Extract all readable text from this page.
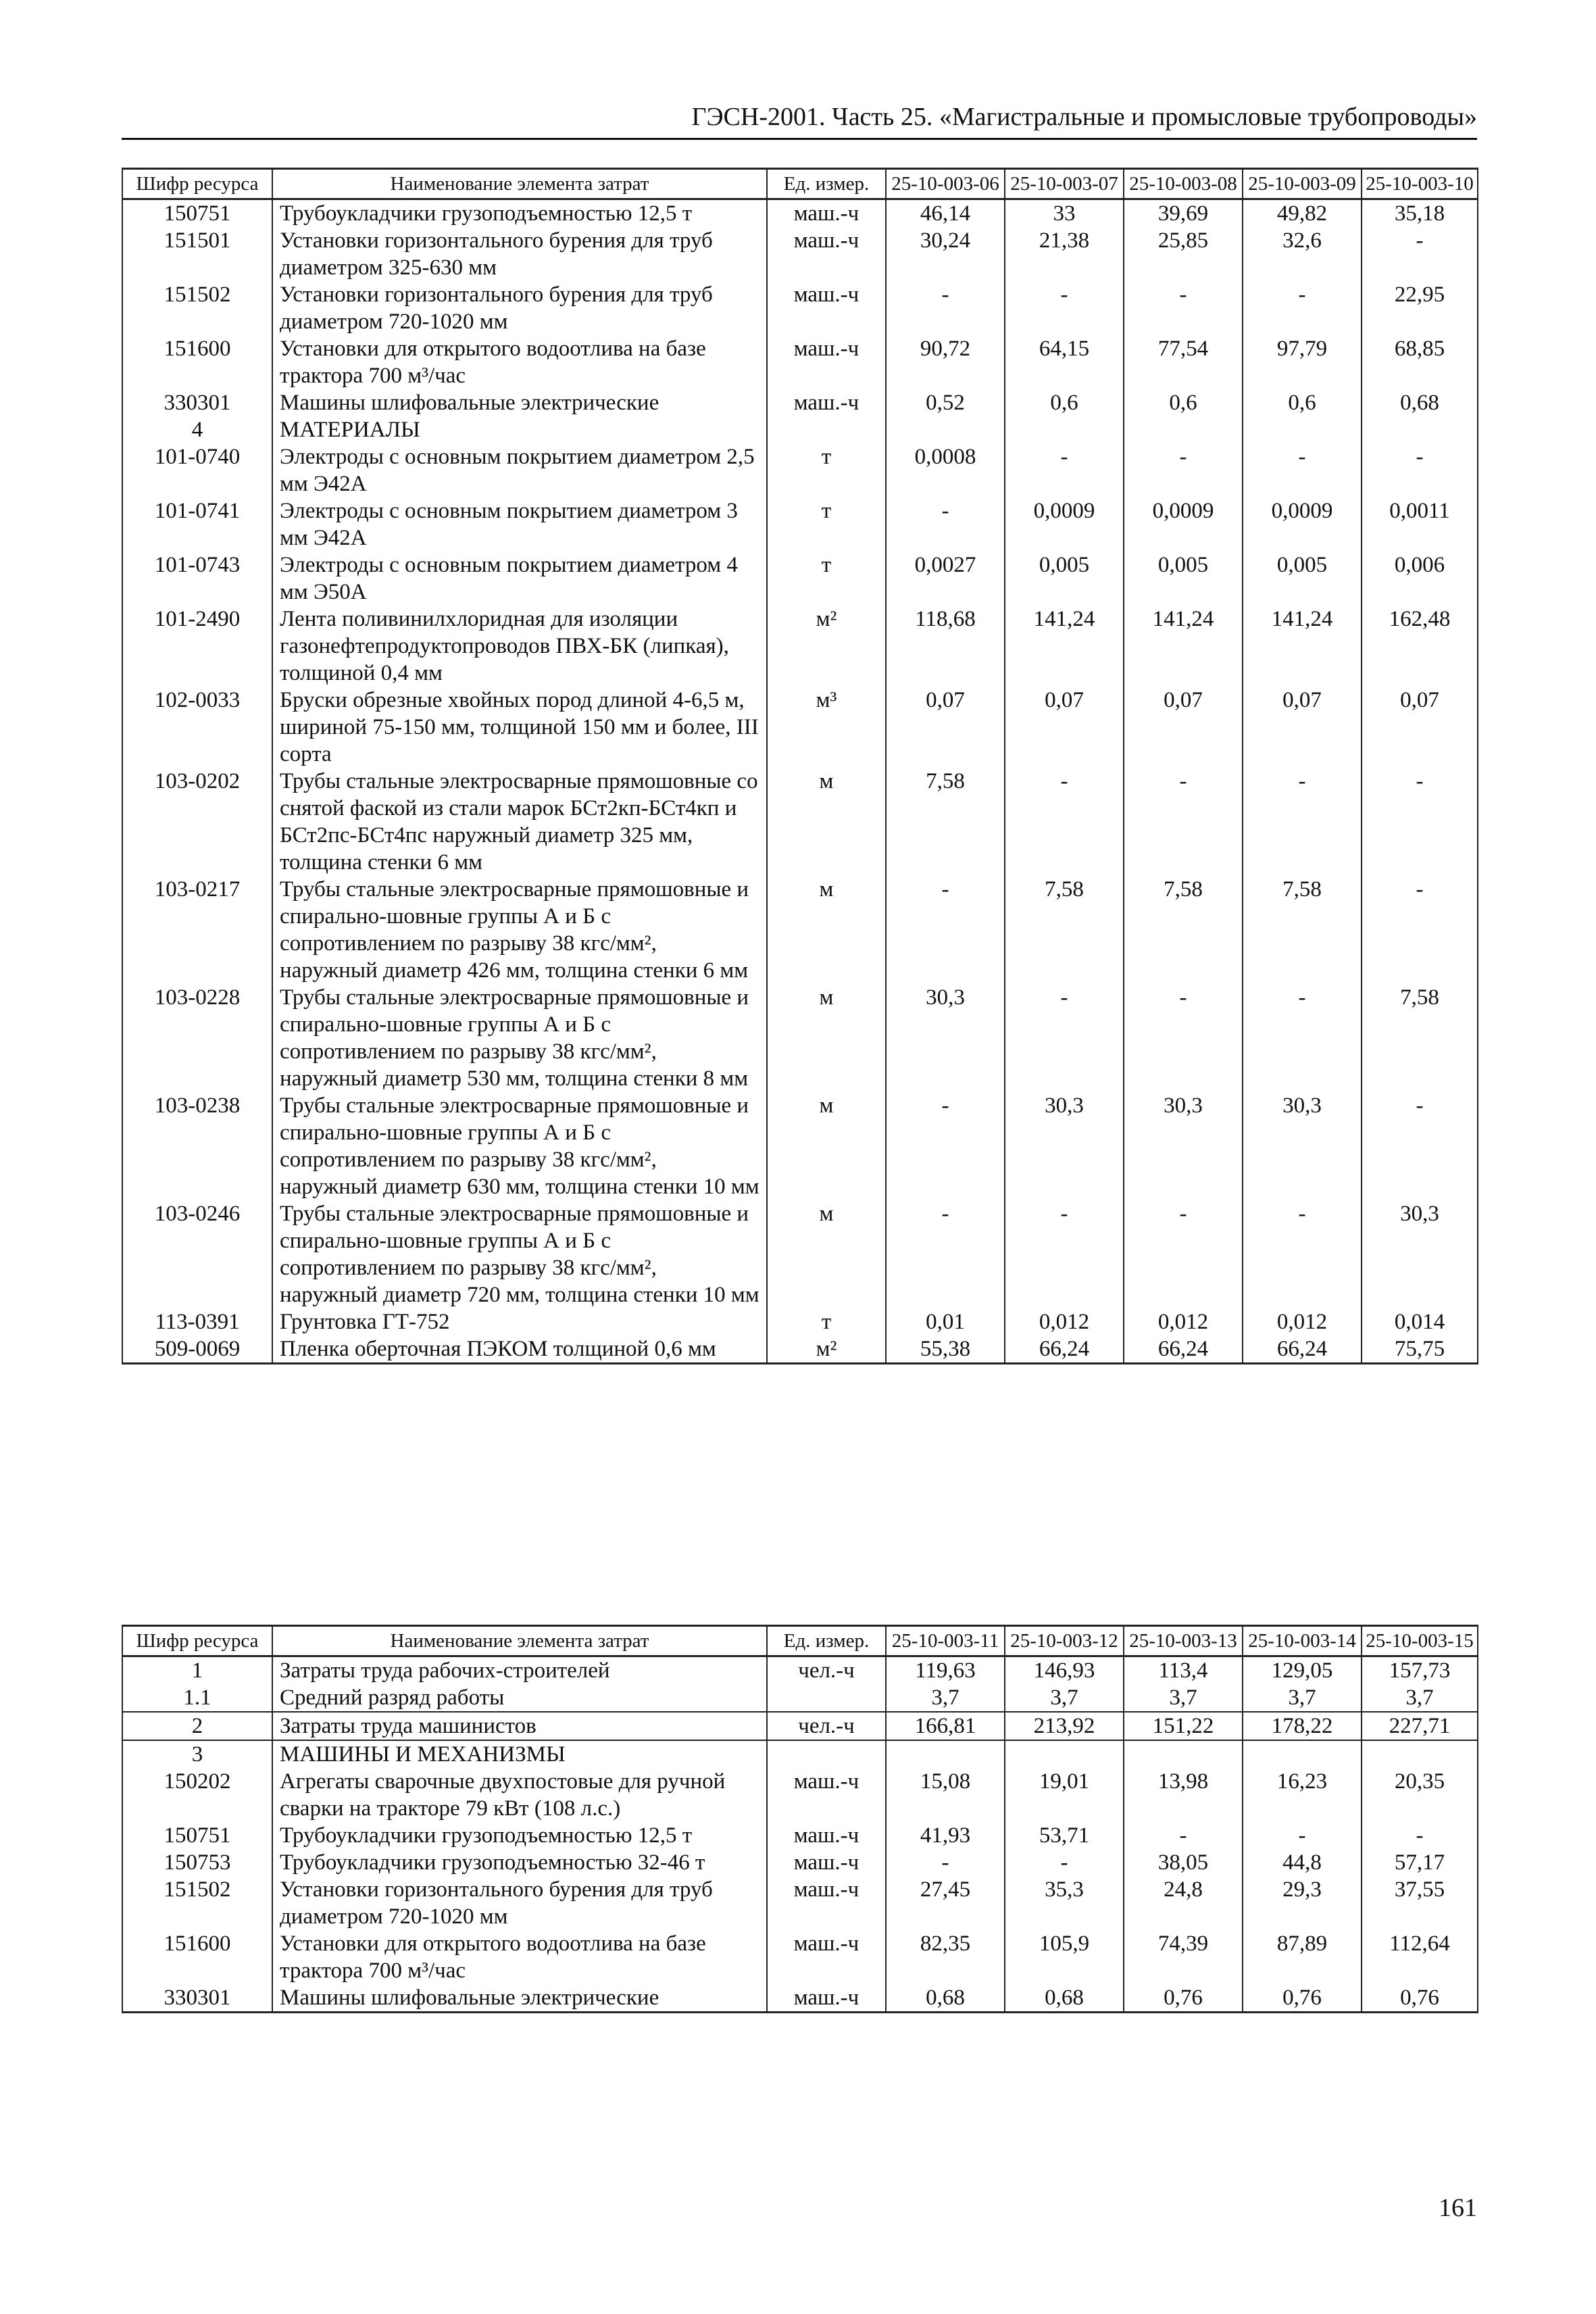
ГЭСН-2001. Часть 25. «Магистральные и промысловые трубопроводы»
Шифр ресурса	Наименование элемента затрат	Ед. измер.	25-10-003-06	25-10-003-07	25-10-003-08	25-10-003-09	25-10-003-10
150751	Трубоукладчики грузоподъемностью 12,5 т	маш.-ч	46,14	33	39,69	49,82	35,18
151501	Установки горизонтального бурения для труб диаметром 325-630 мм	маш.-ч	30,24	21,38	25,85	32,6	-
151502	Установки горизонтального бурения для труб диаметром 720-1020 мм	маш.-ч	-	-	-	-	22,95
151600	Установки для открытого водоотлива на базе трактора 700 м³/час	маш.-ч	90,72	64,15	77,54	97,79	68,85
330301	Машины шлифовальные электрические	маш.-ч	0,52	0,6	0,6	0,6	0,68
4	МАТЕРИАЛЫ						
101-0740	Электроды с основным покрытием диаметром 2,5 мм Э42А	т	0,0008	-	-	-	-
101-0741	Электроды с основным покрытием диаметром 3 мм Э42А	т	-	0,0009	0,0009	0,0009	0,0011
101-0743	Электроды с основным покрытием диаметром 4 мм Э50А	т	0,0027	0,005	0,005	0,005	0,006
101-2490	Лента поливинилхлоридная для изоляции газонефтепродуктопроводов ПВХ-БК (липкая), толщиной 0,4 мм	м²	118,68	141,24	141,24	141,24	162,48
102-0033	Бруски обрезные хвойных пород длиной 4-6,5 м, шириной 75-150 мм, толщиной 150 мм и более, III сорта	м³	0,07	0,07	0,07	0,07	0,07
103-0202	Трубы стальные электросварные прямошовные со снятой фаской из стали марок БСт2кп-БСт4кп и БСт2пс-БСт4пс наружный диаметр 325 мм, толщина стенки 6 мм	м	7,58	-	-	-	-
103-0217	Трубы стальные электросварные прямошовные и спирально-шовные группы А и Б с сопротивлением по разрыву 38 кгс/мм², наружный диаметр 426 мм, толщина стенки 6 мм	м	-	7,58	7,58	7,58	-
103-0228	Трубы стальные электросварные прямошовные и спирально-шовные группы А и Б с сопротивлением по разрыву 38 кгс/мм², наружный диаметр 530 мм, толщина стенки 8 мм	м	30,3	-	-	-	7,58
103-0238	Трубы стальные электросварные прямошовные и спирально-шовные группы А и Б с сопротивлением по разрыву 38 кгс/мм², наружный диаметр 630 мм, толщина стенки 10 мм	м	-	30,3	30,3	30,3	-
103-0246	Трубы стальные электросварные прямошовные и спирально-шовные группы А и Б с сопротивлением по разрыву 38 кгс/мм², наружный диаметр 720 мм, толщина стенки 10 мм	м	-	-	-	-	30,3
113-0391	Грунтовка ГТ-752	т	0,01	0,012	0,012	0,012	0,014
509-0069	Пленка оберточная ПЭКОМ толщиной 0,6 мм	м²	55,38	66,24	66,24	66,24	75,75
Шифр ресурса	Наименование элемента затрат	Ед. измер.	25-10-003-11	25-10-003-12	25-10-003-13	25-10-003-14	25-10-003-15
1	Затраты труда рабочих-строителей	чел.-ч	119,63	146,93	113,4	129,05	157,73
1.1	Средний разряд работы		3,7	3,7	3,7	3,7	3,7
2	Затраты труда машинистов	чел.-ч	166,81	213,92	151,22	178,22	227,71
3	МАШИНЫ И МЕХАНИЗМЫ						
150202	Агрегаты сварочные двухпостовые для ручной сварки на тракторе 79 кВт (108 л.с.)	маш.-ч	15,08	19,01	13,98	16,23	20,35
150751	Трубоукладчики грузоподъемностью 12,5 т	маш.-ч	41,93	53,71	-	-	-
150753	Трубоукладчики грузоподъемностью 32-46 т	маш.-ч	-	-	38,05	44,8	57,17
151502	Установки горизонтального бурения для труб диаметром 720-1020 мм	маш.-ч	27,45	35,3	24,8	29,3	37,55
151600	Установки для открытого водоотлива на базе трактора 700 м³/час	маш.-ч	82,35	105,9	74,39	87,89	112,64
330301	Машины шлифовальные электрические	маш.-ч	0,68	0,68	0,76	0,76	0,76
161
